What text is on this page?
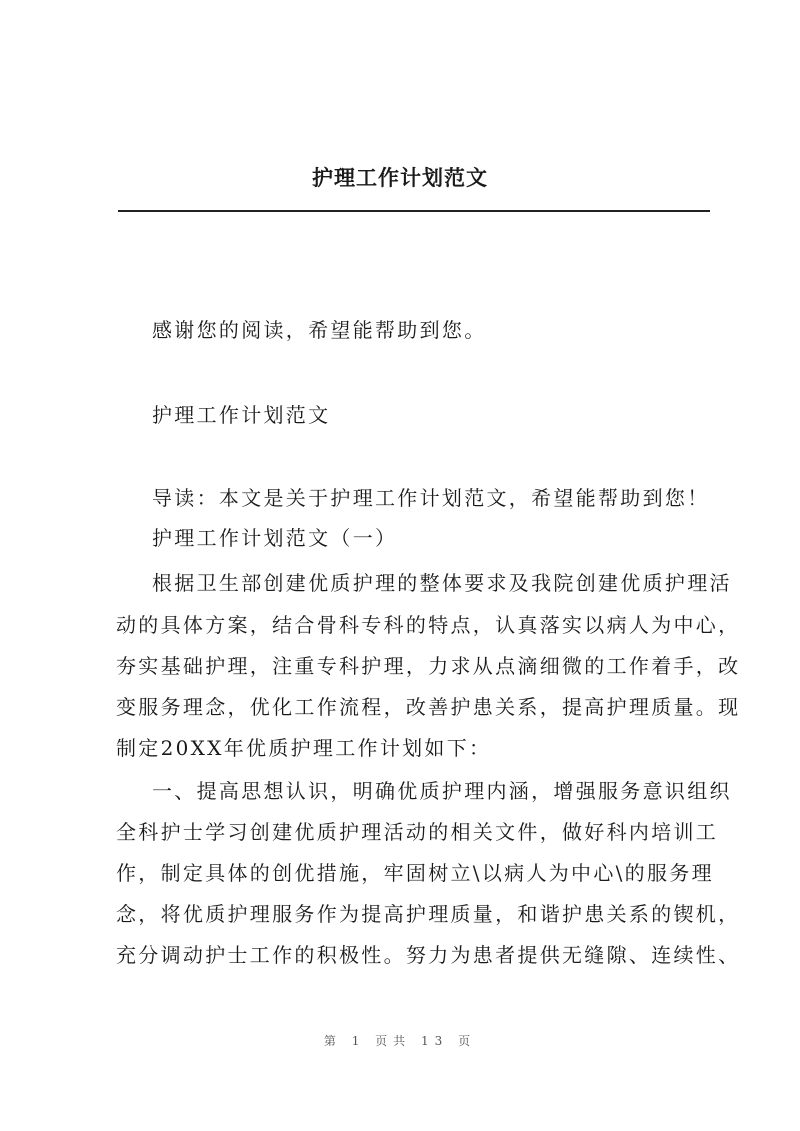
护理工作计划范文
感谢您的阅读，希望能帮助到您。
护理工作计划范文
导读：本文是关于护理工作计划范文，希望能帮助到您！
护理工作计划范文（一）
根据卫生部创建优质护理的整体要求及我院创建优质护理活
动的具体方案，结合骨科专科的特点，认真落实以病人为中心，
夯实基础护理，注重专科护理，力求从点滴细微的工作着手，改
变服务理念，优化工作流程，改善护患关系，提高护理质量。现
制定20XX年优质护理工作计划如下：
一、提高思想认识，明确优质护理内涵，增强服务意识组织
全科护士学习创建优质护理活动的相关文件，做好科内培训工
作，制定具体的创优措施，牢固树立\以病人为中心\的服务理
念，将优质护理服务作为提高护理质量，和谐护患关系的锲机，
充分调动护士工作的积极性。努力为患者提供无缝隙、连续性、
第 1 页共 13 页
